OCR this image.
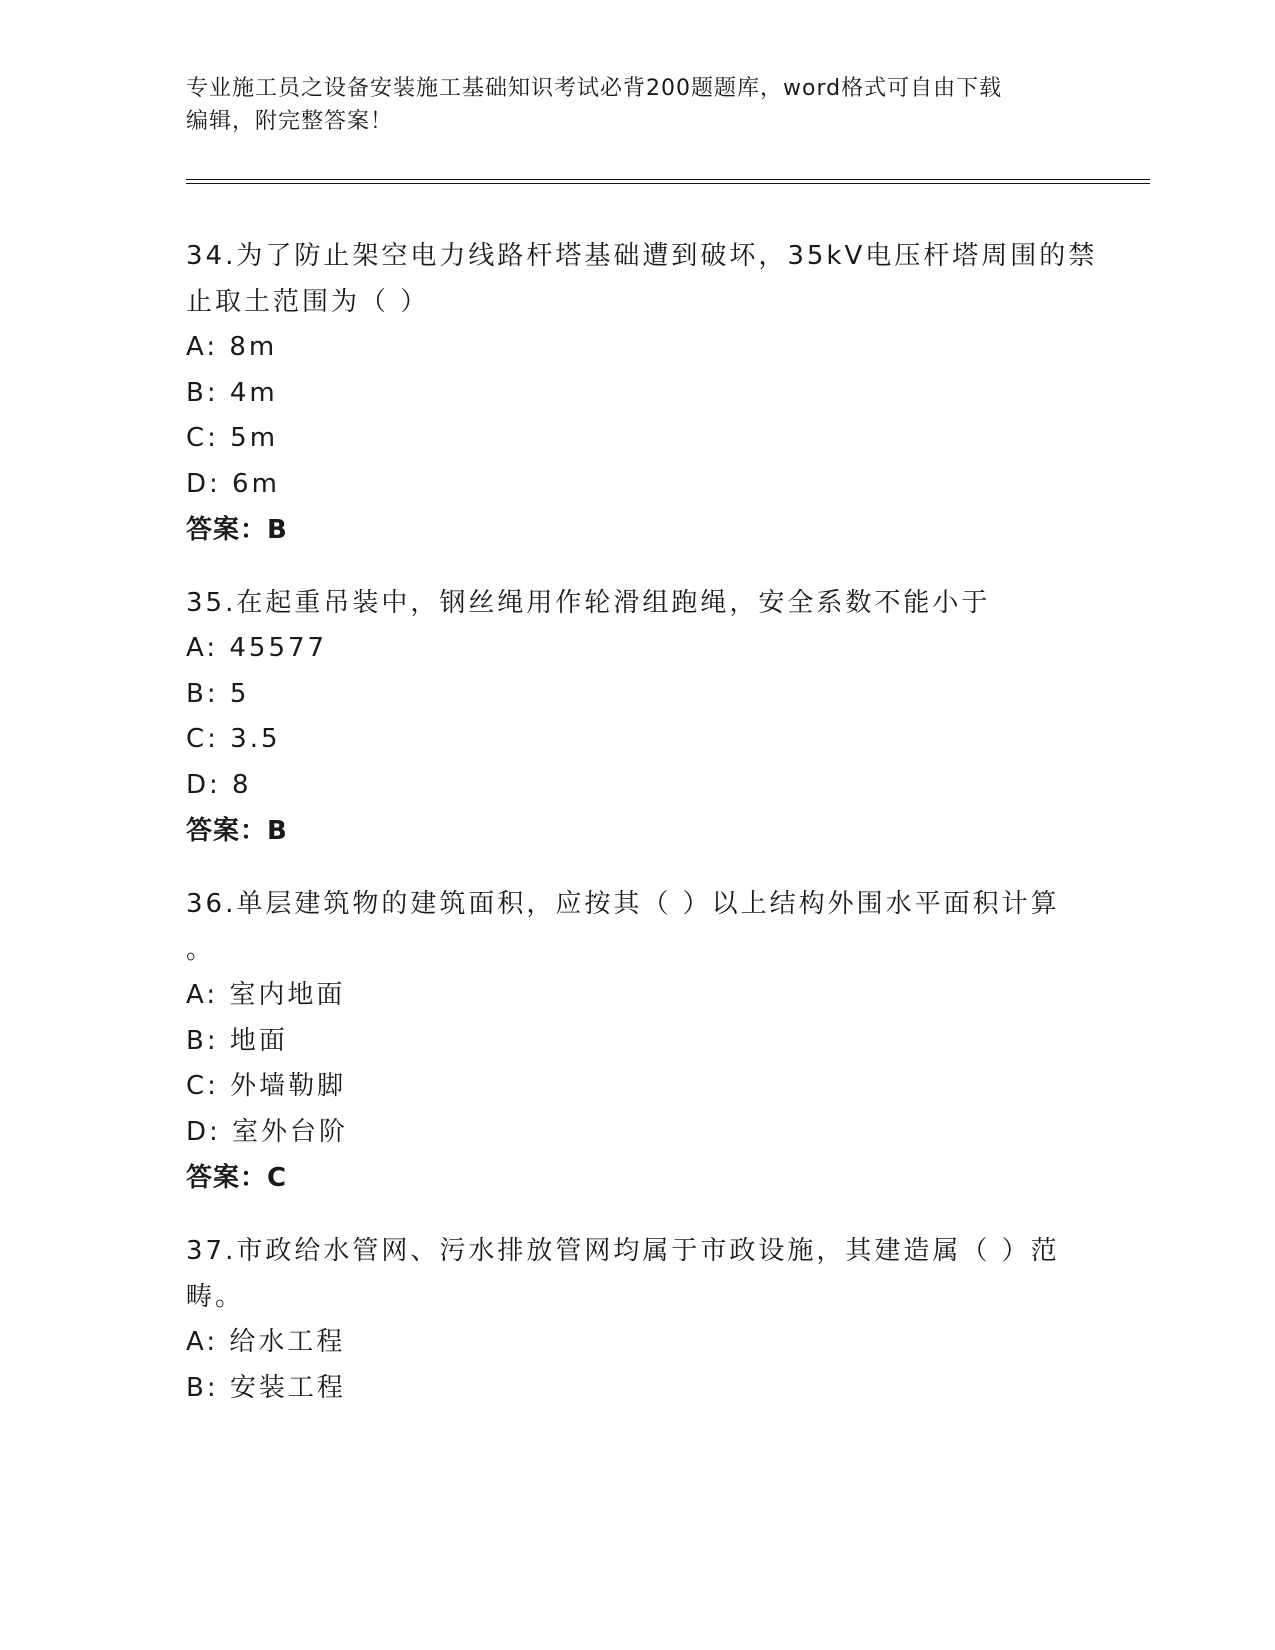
专业施工员之设备安装施工基础知识考试必背200题题库，word格式可自由下载
编辑，附完整答案！
34.为了防止架空电力线路杆塔基础遭到破坏，35kV电压杆塔周围的禁
止取土范围为（ ）
A: 8m
B: 4m
C: 5m
D: 6m
答案：B
35.在起重吊装中，钢丝绳用作轮滑组跑绳，安全系数不能小于
A: 45577
B: 5
C: 3.5
D: 8
答案：B
36.单层建筑物的建筑面积，应按其（ ）以上结构外围水平面积计算
。
A: 室内地面
B: 地面
C: 外墙勒脚
D: 室外台阶
答案：C
37.市政给水管网、污水排放管网均属于市政设施，其建造属（ ）范
畴。
A: 给水工程
B: 安装工程
